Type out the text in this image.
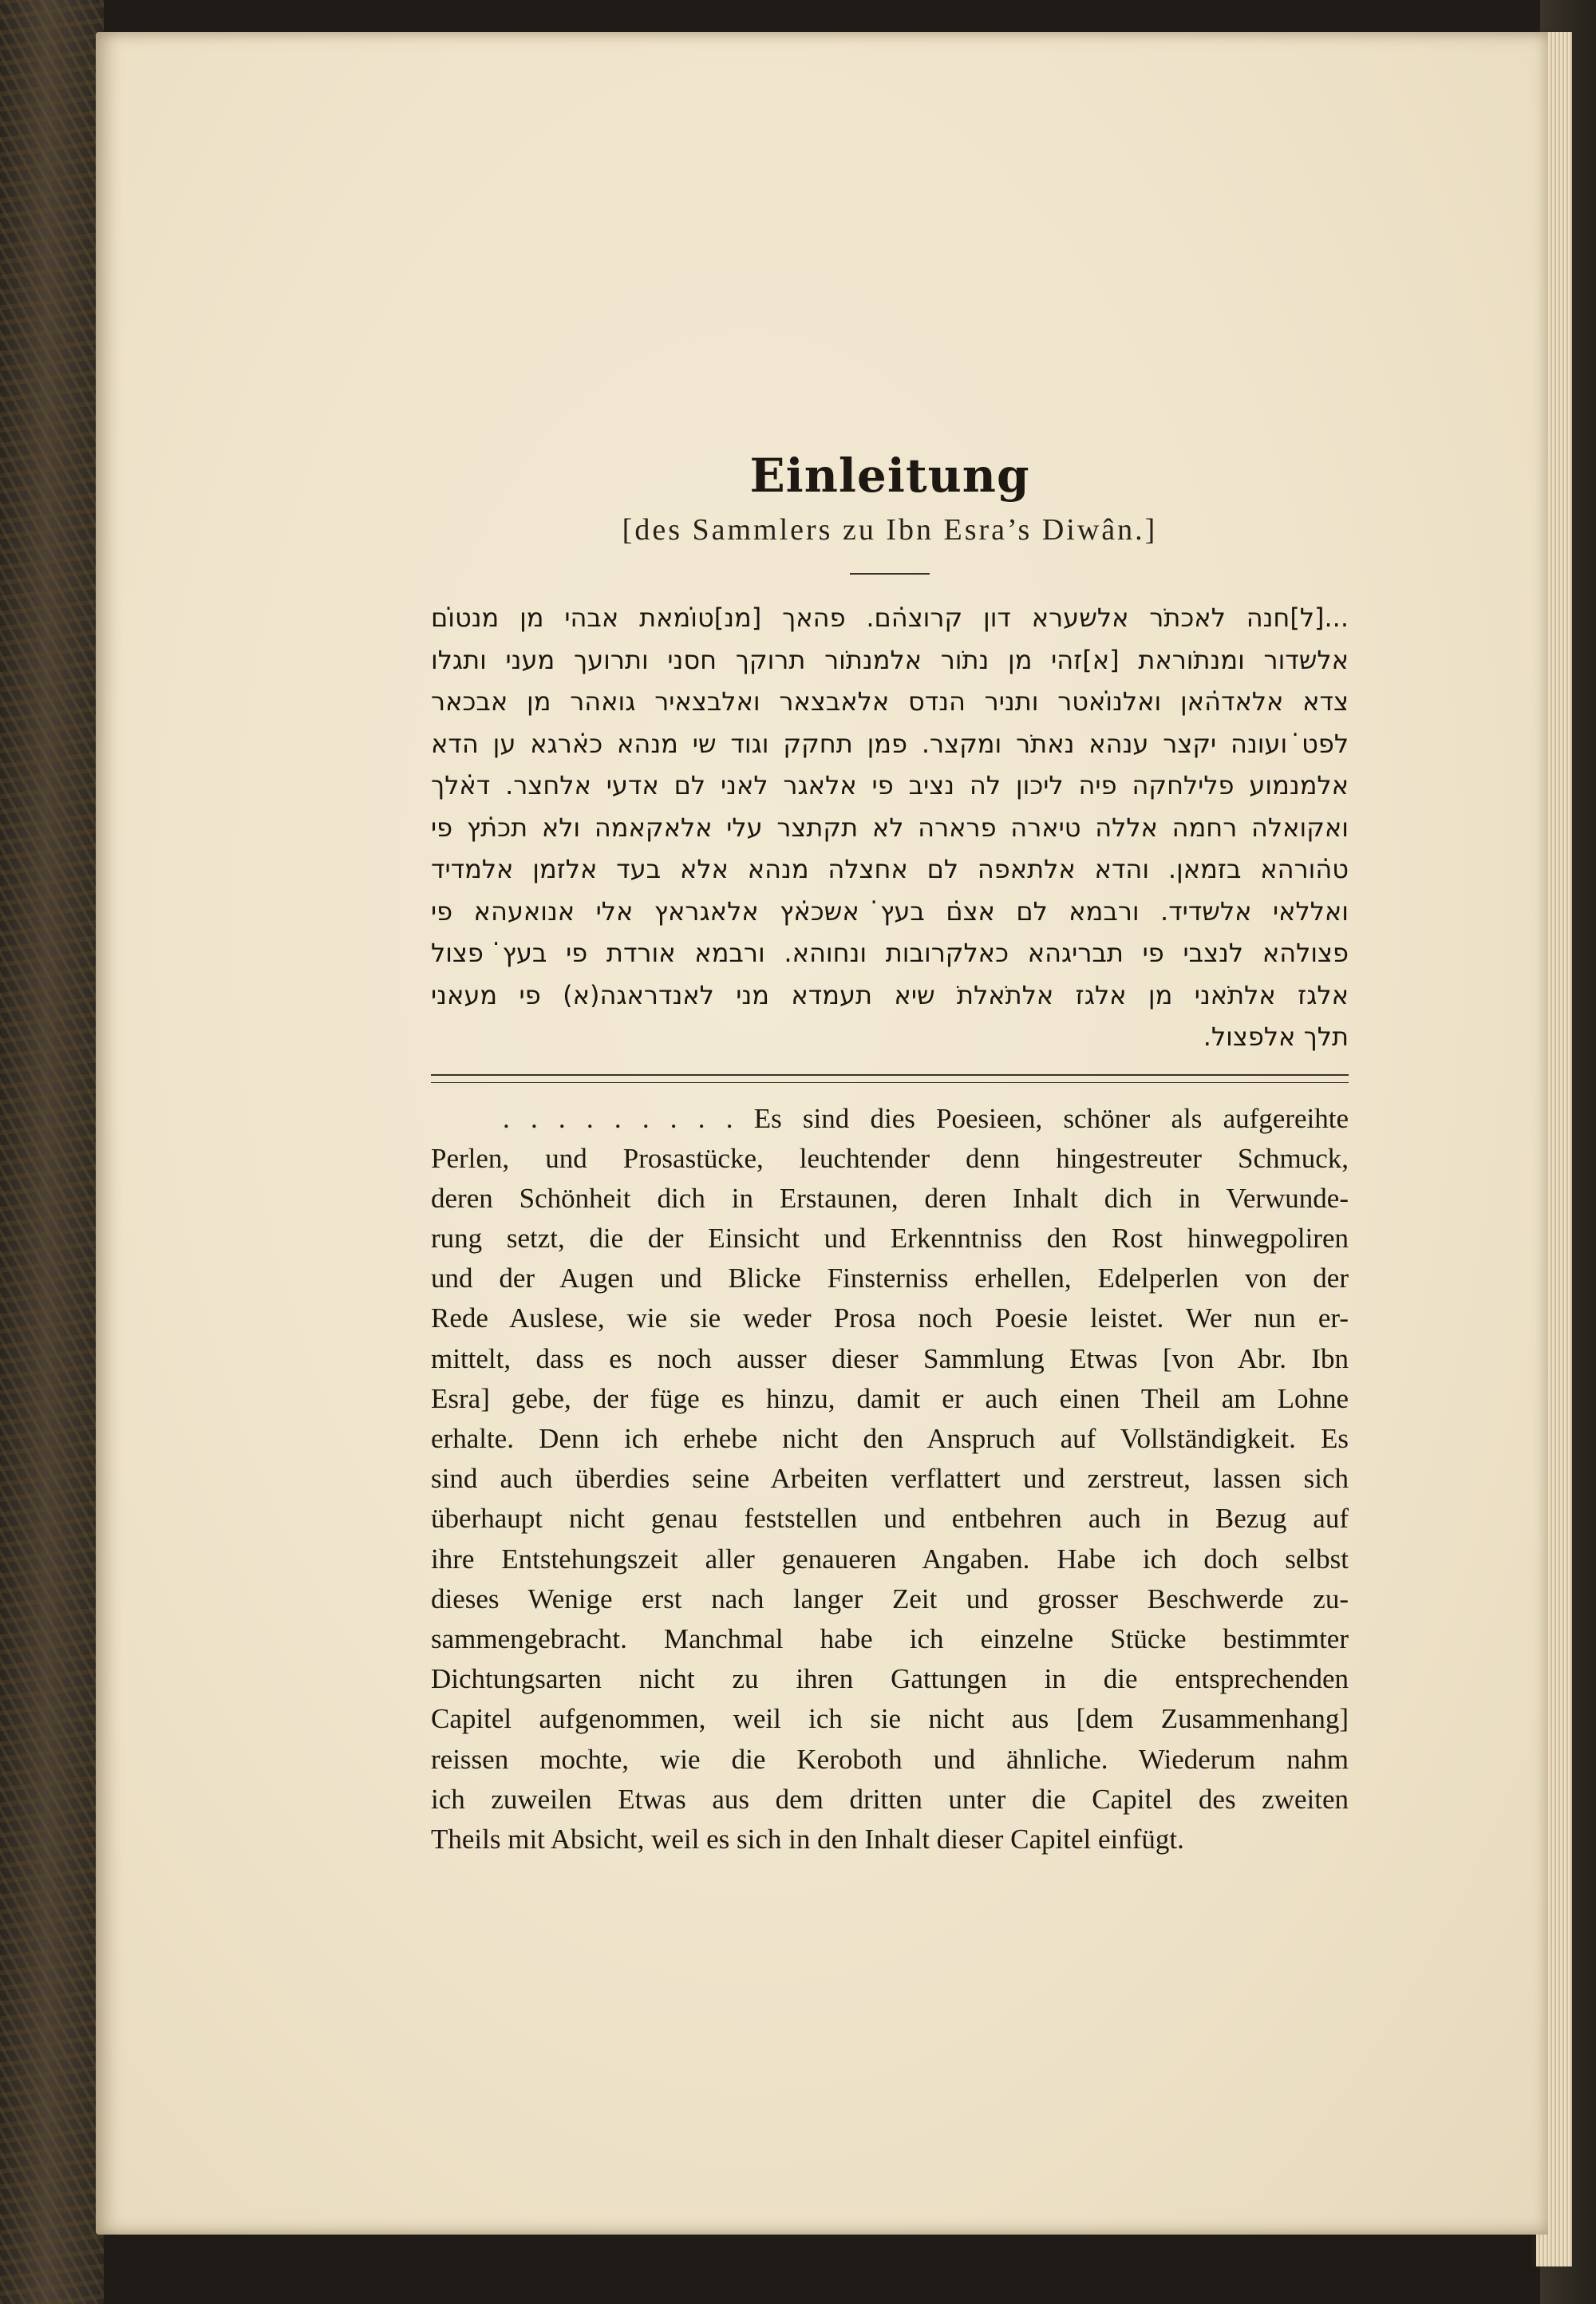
Einleitung
[des Sammlers zu Ibn Esra’s Diwân.]
...[ל]חנה לאכתֹר אלשערא דון קרוצ̇הם. פהאך [מנ]ט̇ומאת אבהי מן מנט̇ום
אלשדור ומנתֹוראת [א]זהי מן נתֹור אלמנתֹור תרוקך חסני ותרועך מעני ותגלו
צדא אלאד̇האן ואלנ̇ואטר ותניר הנדס אלאבצאר ואלבצאיר גואהר מן אבכאר
לפט̇ ועונה יקצר ענהא נאתֹר ומקצר. פמן תחקק וגוד שי מנהא כ̇ארגא ען הדא
אלמנמוע פלילחקה פיה ליכון לה נציב פי אלאגר לאני לם אדעי אלחצר. ד̇אלך
ואקואלה רחמה אללה טיארה פרארה לא תקתצר עלי אלאקאמה ולא תכ̇תץ פי
ט̇הורהא בזמאן. והדא אלתאפה לם אחצלה מנהא אלא בעד אלזמן אלמדיד
ואללאי אלשדיד. ורבמא לם אצ̇ם בעץ̇ אשכ̇אץ אלאגראץ אלי אנואעהא פי
פצולהא לנצבי פי תבריגהא כאלקרובות ונחוהא. ורבמא אורדת פי בעץ̇ פצול
אלגז אלתֹאני מן אלגז אלתֹאלתֹ שיא תעמדא מני לאנדראגה(א) פי מעאני
תלך אלפצול.
. . . . . . . . . Es sind dies Poesieen, schöner als aufgereihte
Perlen, und Prosastücke, leuchtender denn hingestreuter Schmuck,
deren Schönheit dich in Erstaunen, deren Inhalt dich in Verwunde-
rung setzt, die der Einsicht und Erkenntniss den Rost hinwegpoliren
und der Augen und Blicke Finsterniss erhellen, Edelperlen von der
Rede Auslese, wie sie weder Prosa noch Poesie leistet. Wer nun er-
mittelt, dass es noch ausser dieser Sammlung Etwas [von Abr. Ibn
Esra] gebe, der füge es hinzu, damit er auch einen Theil am Lohne
erhalte. Denn ich erhebe nicht den Anspruch auf Vollständigkeit. Es
sind auch überdies seine Arbeiten verflattert und zerstreut, lassen sich
überhaupt nicht genau feststellen und entbehren auch in Bezug auf
ihre Entstehungszeit aller genaueren Angaben. Habe ich doch selbst
dieses Wenige erst nach langer Zeit und grosser Beschwerde zu-
sammengebracht. Manchmal habe ich einzelne Stücke bestimmter
Dichtungsarten nicht zu ihren Gattungen in die entsprechenden
Capitel aufgenommen, weil ich sie nicht aus [dem Zusammenhang]
reissen mochte, wie die Keroboth und ähnliche. Wiederum nahm
ich zuweilen Etwas aus dem dritten unter die Capitel des zweiten
Theils mit Absicht, weil es sich in den Inhalt dieser Capitel einfügt.
